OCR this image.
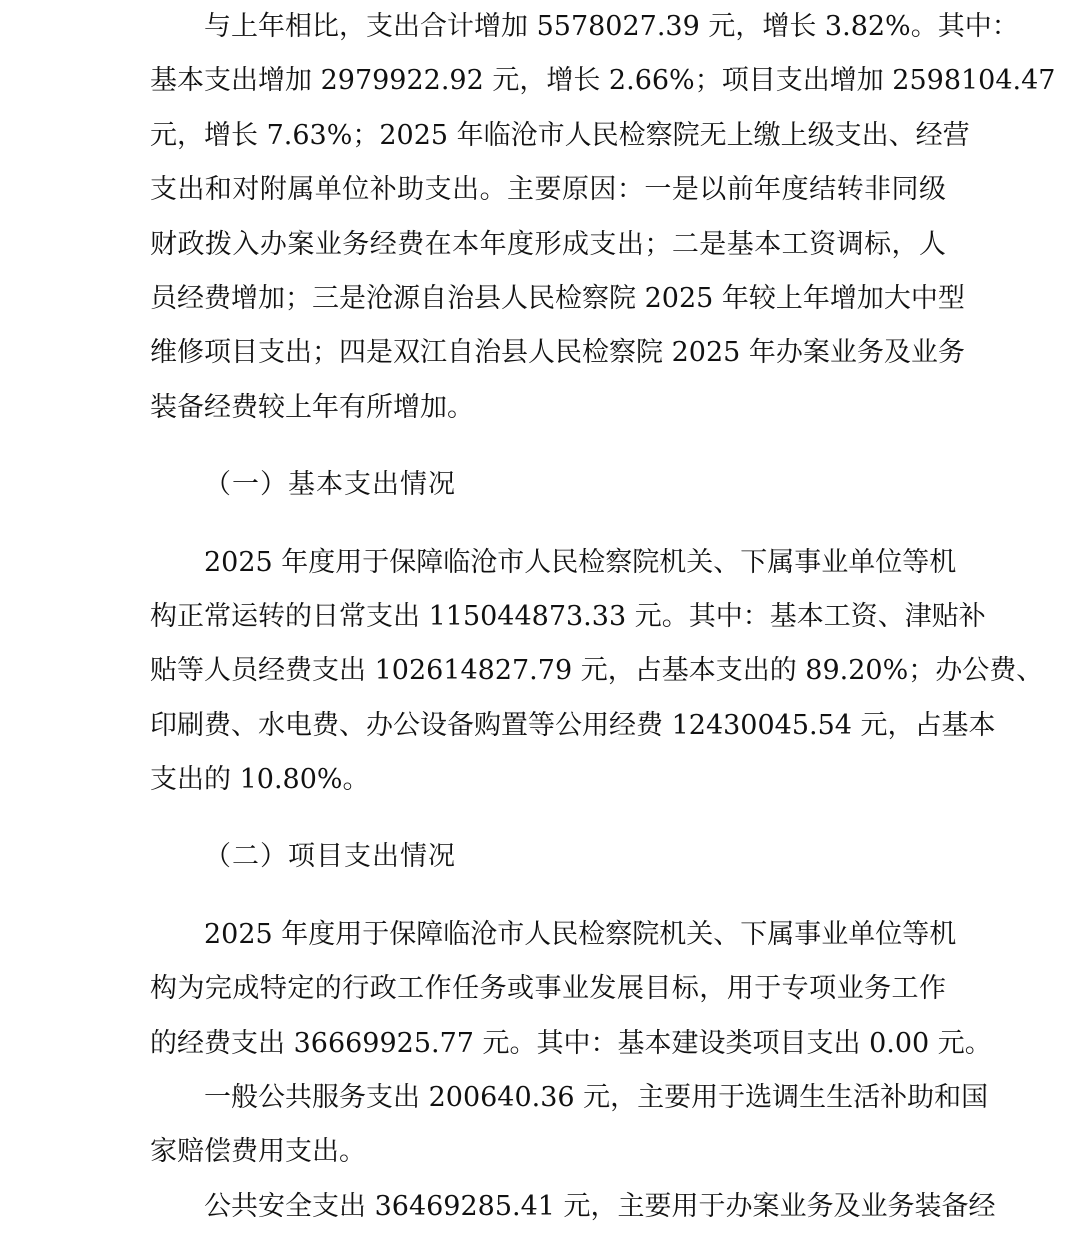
与上年相比，支出合计增加 5578027.39 元，增长 3.82%。其中：
基本支出增加 2979922.92 元，增长 2.66%；项目支出增加 2598104.47
元，增长 7.63%；2025 年临沧市人民检察院无上缴上级支出、经营
支出和对附属单位补助支出。主要原因：一是以前年度结转非同级
财政拨入办案业务经费在本年度形成支出；二是基本工资调标，人
员经费增加；三是沧源自治县人民检察院 2025 年较上年增加大中型
维修项目支出；四是双江自治县人民检察院 2025 年办案业务及业务
装备经费较上年有所增加。
（一）基本支出情况
2025 年度用于保障临沧市人民检察院机关、下属事业单位等机
构正常运转的日常支出 115044873.33 元。其中：基本工资、津贴补
贴等人员经费支出 102614827.79 元，占基本支出的 89.20%；办公费、
印刷费、水电费、办公设备购置等公用经费 12430045.54 元，占基本
支出的 10.80%。
（二）项目支出情况
2025 年度用于保障临沧市人民检察院机关、下属事业单位等机
构为完成特定的行政工作任务或事业发展目标，用于专项业务工作
的经费支出 36669925.77 元。其中：基本建设类项目支出 0.00 元。
一般公共服务支出 200640.36 元，主要用于选调生生活补助和国
家赔偿费用支出。
公共安全支出 36469285.41 元，主要用于办案业务及业务装备经
